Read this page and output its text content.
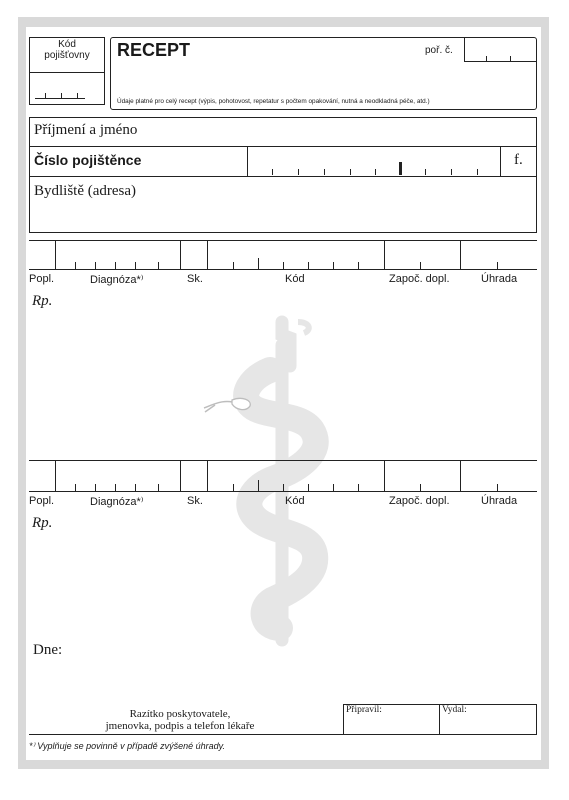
Kód
pojišťovny	RECEPT	poř. č.
Údaje platné pro celý recept (výpis, pohotovost, repetatur s počtem opakování, nutná a neodkladná péče, atd.)
Příjmení a jméno
Číslo pojištěnce	f.
Bydliště (adresa)
Popl.	Diagnóza*⁾	Sk.	Kód	Započ. dopl.	Úhrada
Rp.
Popl.	Diagnóza*⁾	Sk.	Kód	Započ. dopl.	Úhrada
Rp.
Dne:
Razítko poskytovatele,
jmenovka, podpis a telefon lékaře
Připravil:	Vydal:
*⁾ Vyplňuje se povinně v případě zvýšené úhrady.
